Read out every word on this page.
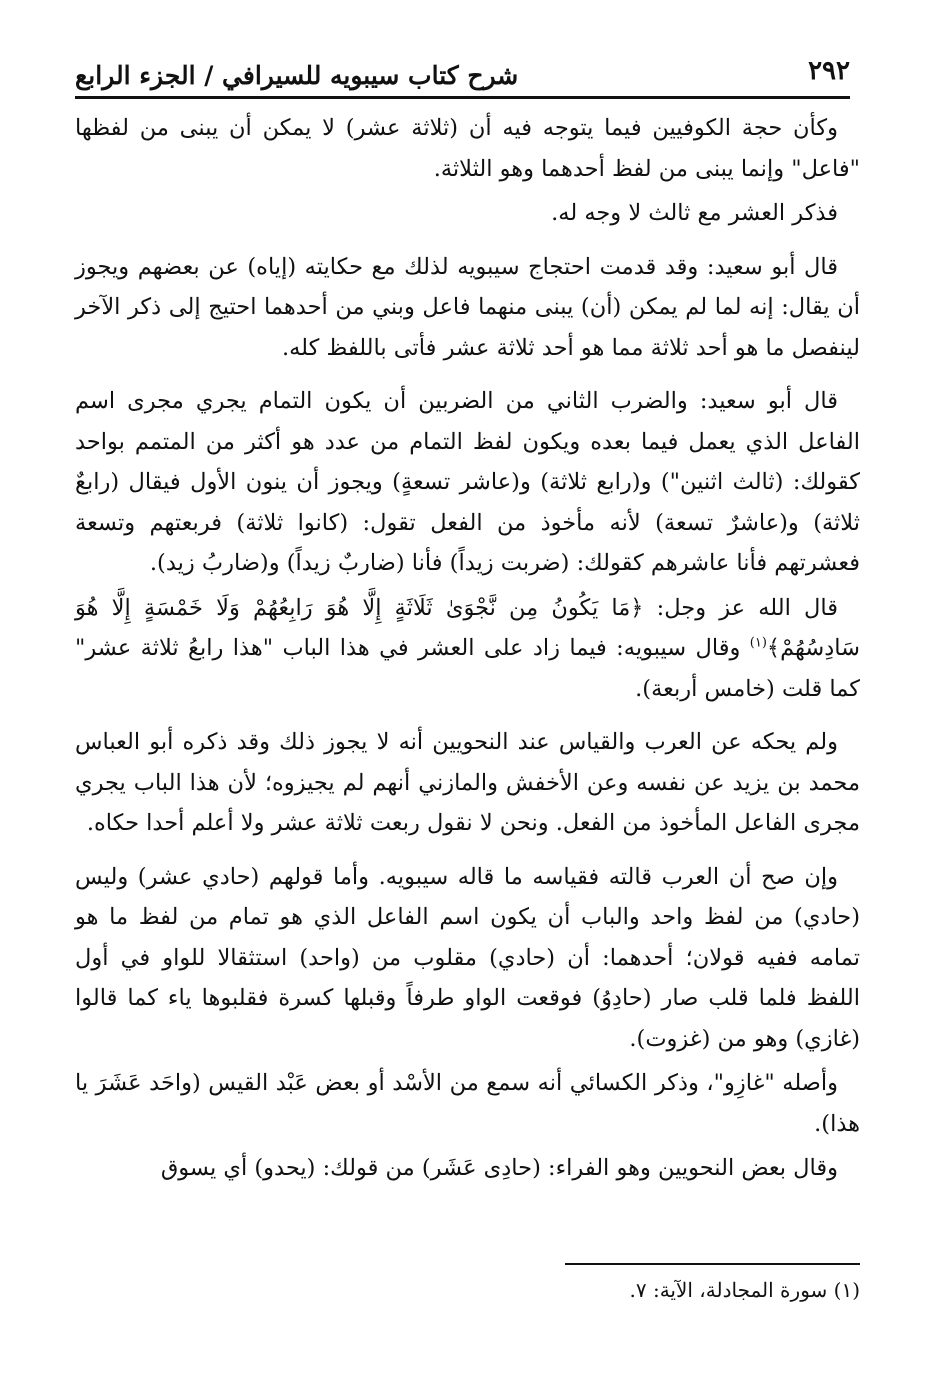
٢٩٢
شرح كتاب سيبويه للسيرافي / الجزء الرابع

وكأن حجة الكوفيين فيما يتوجه فيه أن (ثلاثة عشر) لا يمكن أن يبنى من لفظها "فاعل" وإنما يبنى من لفظ أحدهما وهو الثلاثة.

فذكر العشر مع ثالث لا وجه له.

قال أبو سعيد: وقد قدمت احتجاج سيبويه لذلك مع حكايته (إياه) عن بعضهم ويجوز أن يقال: إنه لما لم يمكن (أن) يبنى منهما فاعل وبني من أحدهما احتيج إلى ذكر الآخر لينفصل ما هو أحد ثلاثة مما هو أحد ثلاثة عشر فأتى باللفظ كله.

قال أبو سعيد: والضرب الثاني من الضربين أن يكون التمام يجري مجرى اسم الفاعل الذي يعمل فيما بعده ويكون لفظ التمام من عدد هو أكثر من المتمم بواحد كقولك: (ثالث اثنين") و(رابع ثلاثة) و(عاشر تسعةٍ) ويجوز أن ينون الأول فيقال (رابعٌ ثلاثة) و(عاشرٌ تسعة) لأنه مأخوذ من الفعل تقول: (كانوا ثلاثة) فربعتهم وتسعة فعشرتهم فأنا عاشرهم كقولك: (ضربت زيداً) فأنا (ضاربٌ زيداً) و(ضاربُ زيد).

قال الله عز وجل: ﴿مَا يَكُونُ مِن نَّجْوَىٰ ثَلَاثَةٍ إِلَّا هُوَ رَابِعُهُمْ وَلَا خَمْسَةٍ إِلَّا هُوَ سَادِسُهُمْ﴾$^{(١)}$ وقال سيبويه: فيما زاد على العشر في هذا الباب "هذا رابعُ ثلاثة عشر" كما قلت (خامس أربعة).

ولم يحكه عن العرب والقياس عند النحويين أنه لا يجوز ذلك وقد ذكره أبو العباس محمد بن يزيد عن نفسه وعن الأخفش والمازني أنهم لم يجيزوه؛ لأن هذا الباب يجري مجرى الفاعل المأخوذ من الفعل. ونحن لا نقول ربعت ثلاثة عشر ولا أعلم أحدا حكاه.

وإن صح أن العرب قالته فقياسه ما قاله سيبويه. وأما قولهم (حادي عشر) وليس (حادي) من لفظ واحد والباب أن يكون اسم الفاعل الذي هو تمام من لفظ ما هو تمامه ففيه قولان؛ أحدهما: أن (حادي) مقلوب من (واحد) استثقالا للواو في أول اللفظ فلما قلب صار (حادِوُ) فوقعت الواو طرفاً وقبلها كسرة فقلبوها ياء كما قالوا (غازي) وهو من (غزوت).

وأصله "غازِو"، وذكر الكسائي أنه سمع من الأسْد أو بعض عَبْد القيس (واحَد عَشَرَ يا هذا).

وقال بعض النحويين وهو الفراء: (حادِى عَشَر) من قولك: (يحدو) أي يسوق

(١) سورة المجادلة، الآية: ٧.
